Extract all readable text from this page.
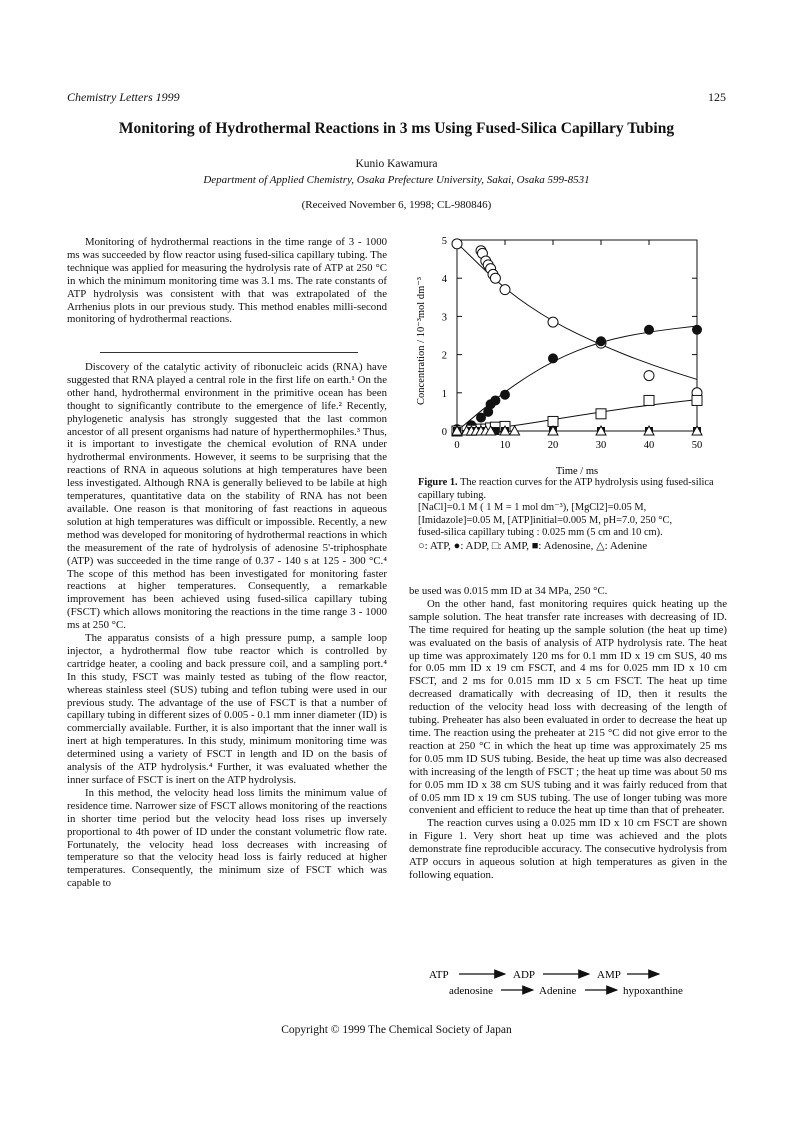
Chemistry Letters 1999	125
Monitoring of Hydrothermal Reactions in 3 ms Using Fused-Silica Capillary Tubing
Kunio Kawamura
Department of Applied Chemistry, Osaka Prefecture University, Sakai, Osaka 599-8531
(Received November 6, 1998; CL-980846)
Monitoring of hydrothermal reactions in the time range of 3 - 1000 ms was succeeded by flow reactor using fused-silica capillary tubing. The technique was applied for measuring the hydrolysis rate of ATP at 250 °C in which the minimum monitoring time was 3.1 ms. The rate constants of ATP hydrolysis was consistent with that was extrapolated of the Arrhenius plots in our previous study. This method enables milli-second monitoring of hydrothermal reactions.

Discovery of the catalytic activity of ribonucleic acids (RNA) have suggested that RNA played a central role in the first life on earth.¹ On the other hand, hydrothermal environment in the primitive ocean has been thought to significantly contribute to the emergence of life.² Recently, phylogenetic analysis has strongly suggested that the last common ancestor of all present organisms had nature of hyperthermophiles.³ Thus, it is important to investigate the chemical evolution of RNA under hydrothermal environments. However, it seems to be surprising that the reactions of RNA in aqueous solutions at high temperatures have been less investigated. Although RNA is generally believed to be labile at high temperatures, quantitative data on the stability of RNA has not been available. One reason is that monitoring of fast reactions in aqueous solution at high temperatures was difficult or impossible. Recently, a new method was developed for monitoring of hydrothermal reactions in which the measurement of the rate of hydrolysis of adenosine 5'-triphosphate (ATP) was succeeded in the time range of 0.37 - 140 s at 125 - 300 °C.⁴ The scope of this method has been investigated for monitoring faster reactions at higher temperatures. Consequently, a remarkable improvement has been achieved using fused-silica capillary tubing (FSCT) which allows monitoring the reactions in the time range 3 - 1000 ms at 250 °C.

The apparatus consists of a high pressure pump, a sample loop injector, a hydrothermal flow tube reactor which is controlled by cartridge heater, a cooling and back pressure coil, and a sampling port.⁴ In this study, FSCT was mainly tested as tubing of the flow reactor, whereas stainless steel (SUS) tubing and teflon tubing were used in our previous study. The advantage of the use of FSCT is that a number of capillary tubing in different sizes of 0.005 - 0.1 mm inner diameter (ID) is commercially available. Further, it is also important that the inner wall is inert at high temperatures. In this study, minimum monitoring time was determined using a variety of FSCT in length and ID on the basis of analysis of the ATP hydrolysis.⁴ Further, it was evaluated whether the inner surface of FSCT is inert on the ATP hydrolysis.

In this method, the velocity head loss limits the minimum value of residence time. Narrower size of FSCT allows monitoring of the reactions in shorter time period but the velocity head loss rises up inversely proportional to 4th power of ID under the constant volumetric flow rate. Fortunately, the velocity head loss decreases with increasing of temperature so that the velocity head loss is fairly reduced at higher temperatures. Consequently, the minimum size of FSCT which was capable to

Concentration / 10⁻³mol dm⁻³
Time / ms
0	10	20	30	40	50
0
1
2
3
4
5
Figure 1. The reaction curves for the ATP hydrolysis using fused-silica capillary tubing.
[NaCl]=0.1 M ( 1 M = 1 mol dm⁻³), [MgCl2]=0.05 M,
[Imidazole]=0.05 M, [ATP]initial=0.005 M, pH=7.0, 250 °C,
fused-silica capillary tubing : 0.025 mm (5 cm and 10 cm).
○: ATP, ●: ADP, □: AMP, ■: Adenosine, △: Adenine

be used was 0.015 mm ID at 34 MPa, 250 °C.

On the other hand, fast monitoring requires quick heating up the sample solution. The heat transfer rate increases with decreasing of ID. The time required for heating up the sample solution (the heat up time) was evaluated on the basis of analysis of ATP hydrolysis rate. The heat up time was approximately 120 ms for 0.1 mm ID x 19 cm SUS, 40 ms for 0.05 mm ID x 19 cm FSCT, and 4 ms for 0.025 mm ID x 10 cm FSCT, and 2 ms for 0.015 mm ID x 5 cm FSCT. The heat up time decreased dramatically with decreasing of ID, then it results the reduction of the velocity head loss with decreasing of the length of tubing. Preheater has also been evaluated in order to decrease the heat up time. The reaction using the preheater at 215 °C did not give error to the reaction at 250 °C in which the heat up time was approximately 25 ms for 0.05 mm ID SUS tubing. Beside, the heat up time was also decreased with increasing of the length of FSCT ; the heat up time was about 50 ms for 0.05 mm ID x 38 cm SUS tubing and it was fairly reduced from that of 0.05 mm ID x 19 cm SUS tubing. The use of longer tubing was more convenient and efficient to reduce the heat up time than that of preheater.

The reaction curves using a 0.025 mm ID x 10 cm FSCT are shown in Figure 1. Very short heat up time was achieved and the plots demonstrate fine reproducible accuracy. The consecutive hydrolysis from ATP occurs in aqueous solution at high temperatures as given in the following equation.

ATP	ADP	AMP
adenosine	Adenine	hypoxanthine
Copyright © 1999 The Chemical Society of Japan
